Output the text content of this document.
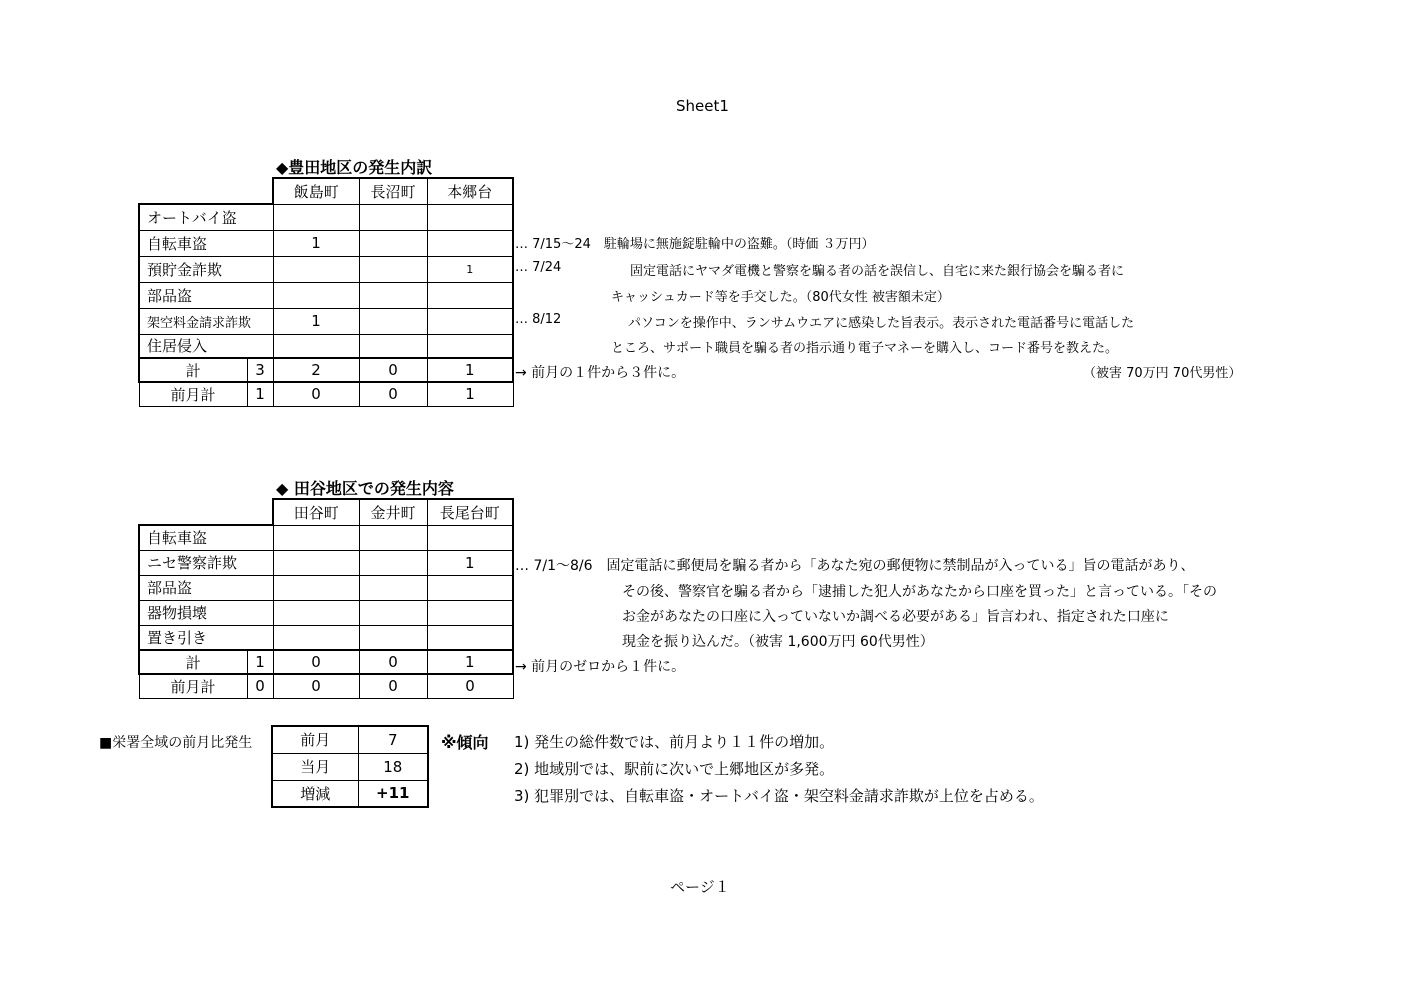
Sheet1
ページ１
◆豊田地区の発生内訳
		飯島町	長沼町	本郷台
オートバイ盗				
自転車盗		1		
預貯金詐欺				1
部品盗				
架空料金請求詐欺		1		
住居侵入				
計	3	2	0	1
前月計	1	0	0	1
… 7/15～24　駐輪場に無施錠駐輪中の盗難。（時価 ３万円）
… 7/24	固定電話にヤマダ電機と警察を騙る者の話を誤信し、自宅に来た銀行協会を騙る者に
キャッシュカード等を手交した。（80代女性 被害額未定）
… 8/12	パソコンを操作中、ランサムウエアに感染した旨表示。表示された電話番号に電話した
ところ、サポート職員を騙る者の指示通り電子マネーを購入し、コード番号を教えた。
→ 前月の１件から３件に。	（被害 70万円 70代男性）
◆ 田谷地区での発生内容
		田谷町	金井町	長尾台町
自転車盗				
ニセ警察詐欺				1
部品盗				
器物損壊				
置き引き				
計	1	0	0	1
前月計	0	0	0	0
… 7/1～8/6　固定電話に郵便局を騙る者から「あなた宛の郵便物に禁制品が入っている」旨の電話があり、
その後、警察官を騙る者から「逮捕した犯人があなたから口座を買った」と言っている。「その
お金があなたの口座に入っていないか調べる必要がある」旨言われ、指定された口座に
現金を振り込んだ。（被害 1,600万円 60代男性）
→ 前月のゼロから１件に。
■栄署全域の前月比発生	前月	7
当月	18
増減	+11
※傾向 1) 発生の総件数では、前月より１１件の増加。
2) 地域別では、駅前に次いで上郷地区が多発。
3) 犯罪別では、自転車盗・オートバイ盗・架空料金請求詐欺が上位を占める。
